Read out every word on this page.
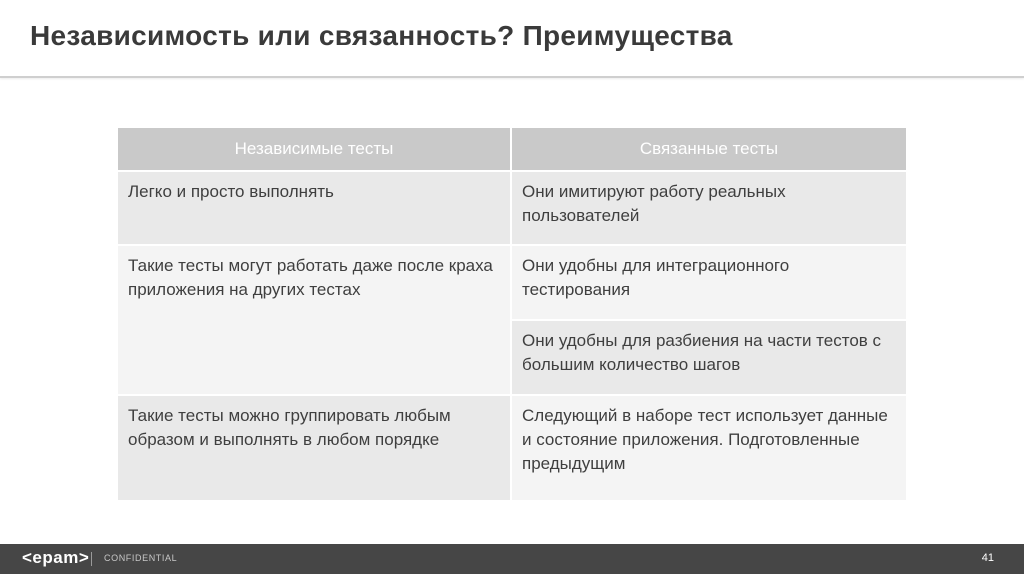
Независимость или связанность? Преимущества
Независимые тесты	Связанные тесты
Легко и просто выполнять
Такие тесты могут работать даже после краха приложения на других тестах
Такие тесты можно группировать любым образом и выполнять в любом порядке
Они имитируют работу реальных пользователей
Они удобны для интеграционного тестирования
Они удобны для разбиения на части тестов с большим количество шагов
Следующий в наборе тест использует данные и состояние приложения. Подготовленные предыдущим
<epam> CONFIDENTIAL	41
